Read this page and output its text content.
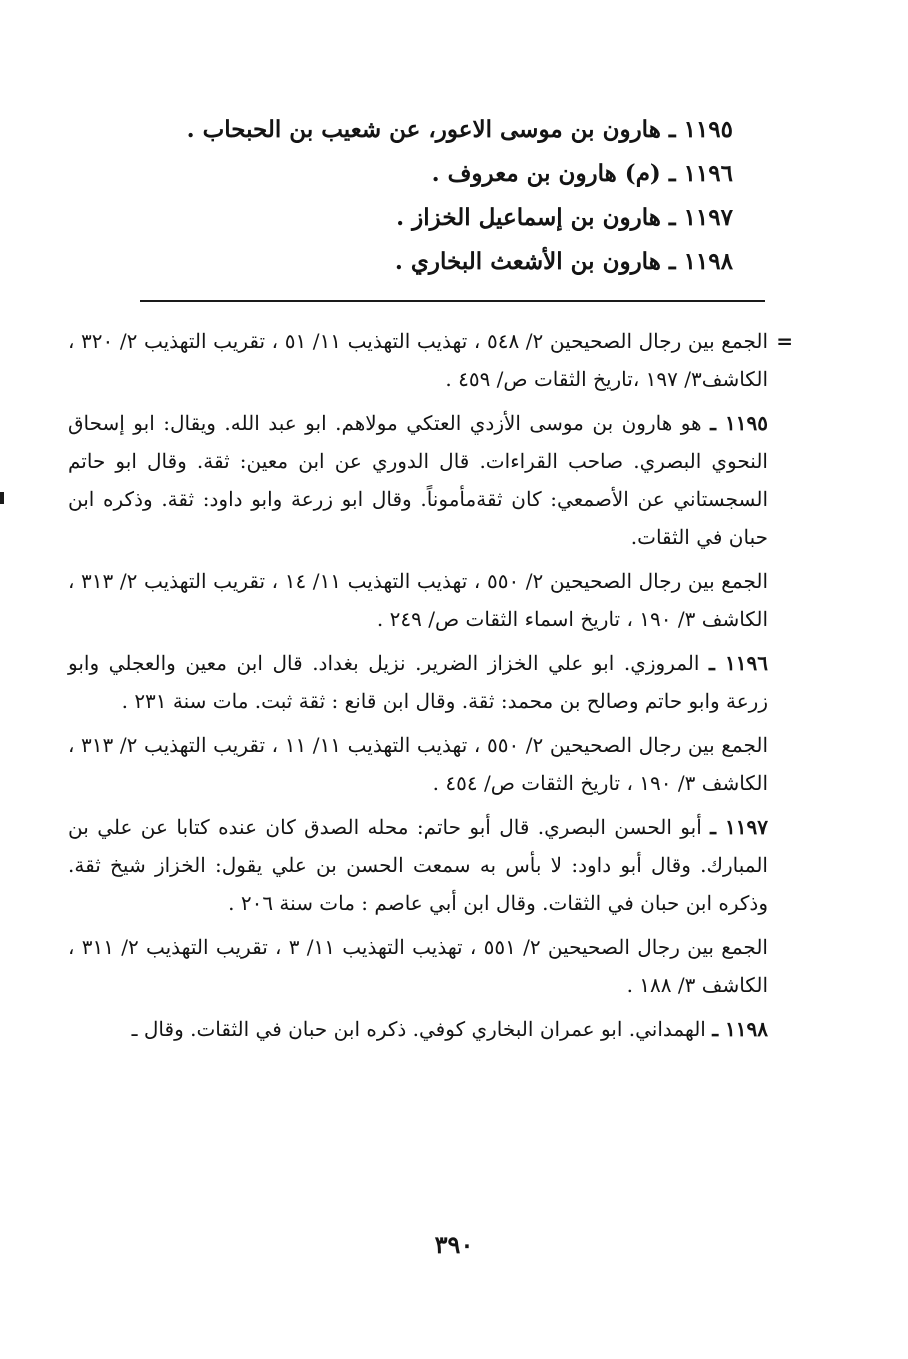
١١٩٥ ـ هارون بن موسى الاعور، عن شعيب بن الحبحاب .
١١٩٦ ـ (م) هارون بن معروف .
١١٩٧ ـ هارون بن إسماعيل الخزاز .
١١٩٨ ـ هارون بن الأشعث البخاري .

=
الجمع بين رجال الصحيحين ٢/ ٥٤٨ ، تهذيب التهذيب ١١/ ٥١ ، تقريب التهذيب ٢/ ٣٢٠ ، الكاشف٣/ ١٩٧ ،تاريخ الثقات ص/ ٤٥٩ .

١١٩٥ ـ هو هارون بن موسى الأزدي العتكي مولاهم. ابو عبد الله. ويقال: ابو إسحاق النحوي البصري. صاحب القراءات. قال الدوري عن ابن معين: ثقة. وقال ابو حاتم السجستاني عن الأصمعي: كان ثقةمأموناً. وقال ابو زرعة وابو داود: ثقة. وذكره ابن حبان في الثقات.

الجمع بين رجال الصحيحين ٢/ ٥٥٠ ، تهذيب التهذيب ١١/ ١٤ ، تقريب التهذيب ٢/ ٣١٣ ، الكاشف ٣/ ١٩٠ ، تاريخ اسماء الثقات ص/ ٢٤٩ .

١١٩٦ ـ المروزي. ابو علي الخزاز الضرير. نزيل بغداد. قال ابن معين والعجلي وابو زرعة وابو حاتم وصالح بن محمد: ثقة. وقال ابن قانع : ثقة ثبت. مات سنة ٢٣١ .

الجمع بين رجال الصحيحين ٢/ ٥٥٠ ، تهذيب التهذيب ١١/ ١١ ، تقريب التهذيب ٢/ ٣١٣ ، الكاشف ٣/ ١٩٠ ، تاريخ الثقات ص/ ٤٥٤ .

١١٩٧ ـ أبو الحسن البصري. قال أبو حاتم: محله الصدق كان عنده كتابا عن علي بن المبارك. وقال أبو داود: لا بأس به سمعت الحسن بن علي يقول: الخزاز شيخ ثقة. وذكره ابن حبان في الثقات. وقال ابن أبي عاصم : مات سنة ٢٠٦ .

الجمع بين رجال الصحيحين ٢/ ٥٥١ ، تهذيب التهذيب ١١/ ٣ ، تقريب التهذيب ٢/ ٣١١ ، الكاشف ٣/ ١٨٨ .

١١٩٨ ـ الهمداني. ابو عمران البخاري كوفي. ذكره ابن حبان في الثقات. وقال ـ

٣٩٠
